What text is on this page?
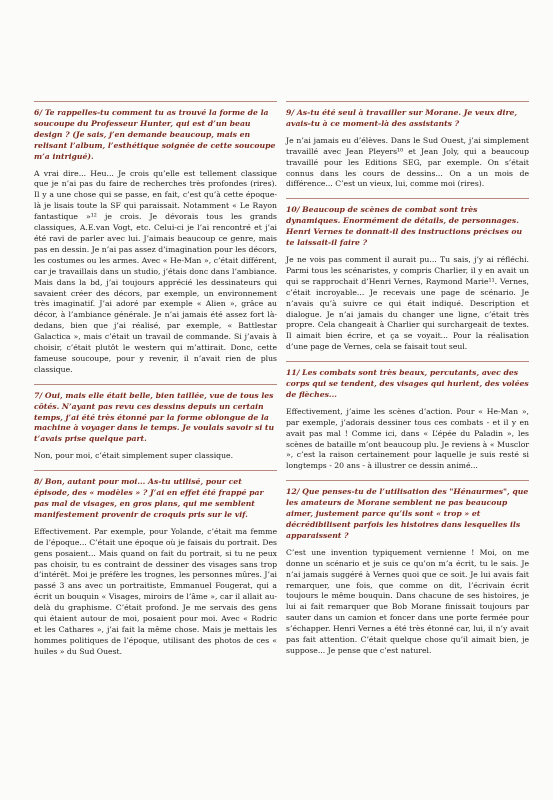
6/ Te rappelles-tu comment tu as trouvé la forme de la soucoupe du Professeur Hunter, qui est d’un beau design ? (Je sais, j’en demande beaucoup, mais en relisant l’album, l’esthétique soignée de cette soucoupe m’a intrigué).

A vrai dire... Heu... Je crois qu’elle est tellement classique que je n’ai pas du faire de recherches très profondes (rires). Il y a une chose qui se passe, en fait, c’est qu’à cette époque-là je lisais toute la SF qui paraissait. Notamment « Le Rayon fantastique »¹² je crois. Je dévorais tous les grands classiques, A.E.van Vogt, etc. Celui-ci je l’ai rencontré et j’ai été ravi de parler avec lui. J’aimais beaucoup ce genre, mais pas en dessin. Je n’ai pas assez d’imagination pour les décors, les costumes ou les armes. Avec « He-Man », c’était différent, car je travaillais dans un studio, j’étais donc dans l’ambiance. Mais dans la bd, j’ai toujours apprécié les dessinateurs qui savaient créer des décors, par exemple, un environnement très imaginatif. J’ai adoré par exemple « Alien », grâce au décor, à l’ambiance générale. Je n’ai jamais été assez fort là-dedans, bien que j’ai réalisé, par exemple, « Battlestar Galactica », mais c’était un travail de commande. Si j’avais à choisir, c’était plutôt le western qui m’attirait. Donc, cette fameuse soucoupe, pour y revenir, il n’avait rien de plus classique.

7/ Oui, mais elle était belle, bien taillée, vue de tous les côtés. N’ayant pas revu ces dessins depuis un certain temps, j’ai été très étonné par la forme oblongue de la machine à voyager dans le temps. Je voulais savoir si tu t’avais prise quelque part.

Non, pour moi, c’était simplement super classique.

8/ Bon, autant pour moi... As-tu utilisé, pour cet épisode, des « modèles » ? J’ai en effet été frappé par pas mal de visages, en gros plans, qui me semblent manifestement provenir de croquis pris sur le vif.

Effectivement. Par exemple, pour Yolande, c’était ma femme de l’époque... C’était une époque où je faisais du portrait. Des gens posaient... Mais quand on fait du portrait, si tu ne peux pas choisir, tu es contraint de dessiner des visages sans trop d’intérêt. Moi je préfère les trognes, les personnes mûres. J’ai passé 3 ans avec un portraitiste, Emmanuel Fougerat, qui a écrit un bouquin « Visages, miroirs de l’âme », car il allait au-delà du graphisme. C’était profond. Je me servais des gens qui étaient autour de moi, posaient pour moi. Avec « Rodric et les Cathares », j’ai fait la même chose. Mais je mettais les hommes politiques de l’époque, utilisant des photos de ces « huiles » du Sud Ouest.

9/ As-tu été seul à travailler sur Morane. Je veux dire, avais-tu à ce moment-là des assistants ?

Je n’ai jamais eu d’élèves. Dans le Sud Ouest, j’ai simplement travaillé avec Jean Pleyers¹⁰ et Jean Joly, qui a beaucoup travaillé pour les Editions SEG, par exemple. On s’était connus dans les cours de dessins... On a un mois de différence... C’est un vieux, lui, comme moi (rires).

10/ Beaucoup de scènes de combat sont très dynamiques. Enormément de détails, de personnages. Henri Vernes te donnait-il des instructions précises ou te laissait-il faire ?

Je ne vois pas comment il aurait pu... Tu sais, j’y ai réfléchi. Parmi tous les scénaristes, y compris Charlier, il y en avait un qui se rapprochait d’Henri Vernes, Raymond Marie¹¹. Vernes, c’était incroyable... Je recevais une page de scénario. Je n’avais qu’à suivre ce qui était indiqué. Description et dialogue. Je n’ai jamais du changer une ligne, c’était très propre. Cela changeait à Charlier qui surchargeait de textes. Il aimait bien écrire, et ça se voyait... Pour la réalisation d’une page de Vernes, cela se faisait tout seul.

11/ Les combats sont très beaux, percutants, avec des corps qui se tendent, des visages qui hurlent, des volées de flèches...

Effectivement, j’aime les scènes d’action. Pour « He-Man », par exemple, j’adorais dessiner tous ces combats - et il y en avait pas mal ! Comme ici, dans « L’épée du Paladin », les scènes de bataille m’ont beaucoup plu. Je reviens à « Musclor », c’est la raison certainement pour laquelle je suis resté si longtemps - 20 ans - à illustrer ce dessin animé...

12/ Que penses-tu de l’utilisation des "Hénaurmes", que les amateurs de Morane semblent ne pas beaucoup aimer, justement parce qu’ils sont « trop » et décrédibilisent parfois les histoires dans lesquelles ils apparaissent ?

C’est une invention typiquement vernienne ! Moi, on me donne un scénario et je suis ce qu’on m’a écrit, tu le sais. Je n’ai jamais suggéré à Vernes quoi que ce soit. Je lui avais fait remarquer, une fois, que comme on dit, l’écrivain écrit toujours le même bouquin. Dans chacune de ses histoires, je lui ai fait remarquer que Bob Morane finissait toujours par sauter dans un camion et foncer dans une porte fermée pour s’échapper. Henri Vernes a été très étonné car, lui, il n’y avait pas fait attention. C’était quelque chose qu’il aimait bien, je suppose... Je pense que c’est naturel.
